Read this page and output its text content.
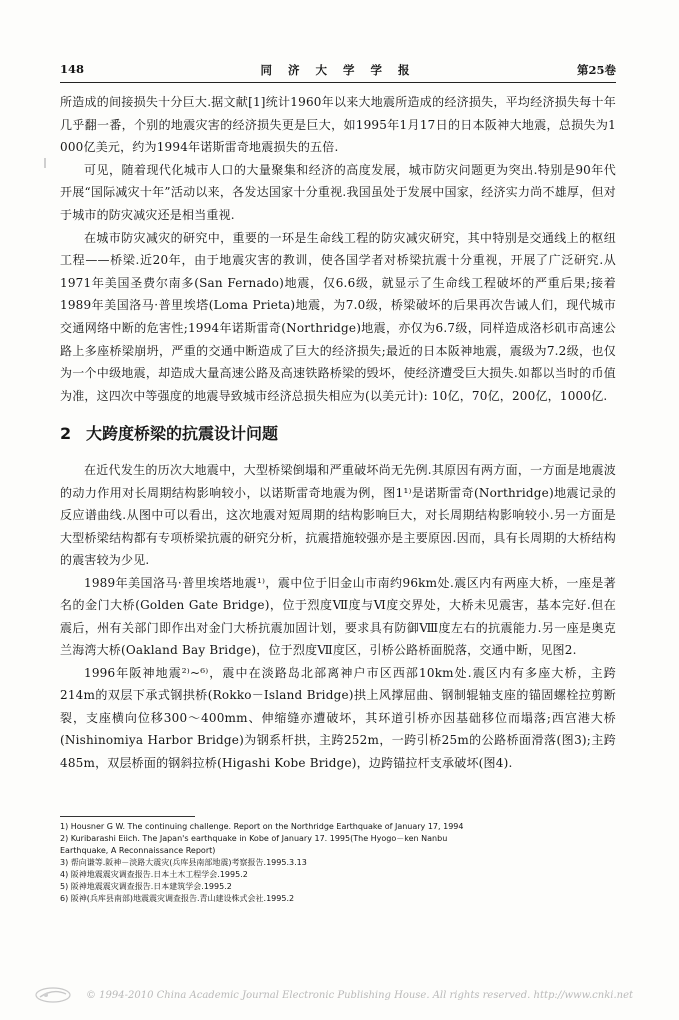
148	同 济 大 学 学 报	第25卷

所造成的间接损失十分巨大.据文献[1]统计1960年以来大地震所造成的经济损失，平均经济损失每十年几乎翻一番，个别的地震灾害的经济损失更是巨大，如1995年1月17日的日本阪神大地震，总损失为1 000亿美元，约为1994年诺斯雷奇地震损失的五倍.

可见，随着现代化城市人口的大量聚集和经济的高度发展，城市防灾问题更为突出.特别是90年代开展“国际减灾十年”活动以来，各发达国家十分重视.我国虽处于发展中国家，经济实力尚不雄厚，但对于城市的防灾减灾还是相当重视.

在城市防灾减灾的研究中，重要的一环是生命线工程的防灾减灾研究，其中特别是交通线上的枢纽工程——桥梁.近20年，由于地震灾害的教训，使各国学者对桥梁抗震十分重视，开展了广泛研究.从1971年美国圣费尔南多(San Fernado)地震，仅6.6级，就显示了生命线工程破坏的严重后果;接着1989年美国洛马·普里埃塔(Loma Prieta)地震，为7.0级，桥梁破坏的后果再次告诫人们，现代城市交通网络中断的危害性;1994年诺斯雷奇(Northridge)地震，亦仅为6.7级，同样造成洛杉矶市高速公路上多座桥梁崩坍，严重的交通中断造成了巨大的经济损失;最近的日本阪神地震，震级为7.2级，也仅为一个中级地震，却造成大量高速公路及高速铁路桥梁的毁坏，使经济遭受巨大损失.如都以当时的币值为准，这四次中等强度的地震导致城市经济总损失相应为(以美元计): 10亿，70亿，200亿，1000亿.

2 大跨度桥梁的抗震设计问题

在近代发生的历次大地震中，大型桥梁倒塌和严重破坏尚无先例.其原因有两方面，一方面是地震波的动力作用对长周期结构影响较小，以诺斯雷奇地震为例，图1¹⁾是诺斯雷奇(Northridge)地震记录的反应谱曲线.从图中可以看出，这次地震对短周期的结构影响巨大，对长周期结构影响较小.另一方面是大型桥梁结构都有专项桥梁抗震的研究分析，抗震措施较强亦是主要原因.因而，具有长周期的大桥结构的震害较为少见.

1989年美国洛马·普里埃塔地震¹⁾，震中位于旧金山市南约96km处.震区内有两座大桥，一座是著名的金门大桥(Golden Gate Bridge)，位于烈度Ⅶ度与Ⅵ度交界处，大桥未见震害，基本完好.但在震后，州有关部门即作出对金门大桥抗震加固计划，要求具有防御Ⅷ度左右的抗震能力.另一座是奥克兰海湾大桥(Oakland Bay Bridge)，位于烈度Ⅶ度区，引桥公路桥面脱落，交通中断，见图2.

1996年阪神地震²⁾~⁶⁾，震中在淡路岛北部离神户市区西部10km处.震区内有多座大桥，主跨214m的双层下承式钢拱桥(Rokko－Island Bridge)拱上风撑屈曲、钢制辊轴支座的锚固螺栓拉剪断裂，支座横向位移300～400mm、伸缩缝亦遭破坏，其环道引桥亦因基础移位而塌落;西宫港大桥(Nishinomiya Harbor Bridge)为钢系杆拱，主跨252m，一跨引桥25m的公路桥面滑落(图3);主跨485m，双层桥面的钢斜拉桥(Higashi Kobe Bridge)，边跨锚拉杆支承破坏(图4).

1) Housner G W. The continuing challenge. Report on the Northridge Earthquake of January 17, 1994
2) Kuribarashi Eiich. The Japan's earthquake in Kobe of January 17. 1995(The Hyogo－ken Nanbu
Earthquake, A Reconnaissance Report)
3) 帮向谦等.阪神－淡路大震灾(兵库县南部地震)考察报告.1995.3.13
4) 阪神地震震灾调查报告.日本土木工程学会.1995.2
5) 阪神地震震灾调查报告.日本建筑学会.1995.2
6) 阪神(兵库县南部)地震震灾调查报告.青山建设株式会社.1995.2
© 1994-2010 China Academic Journal Electronic Publishing House. All rights reserved. http://www.cnki.net
